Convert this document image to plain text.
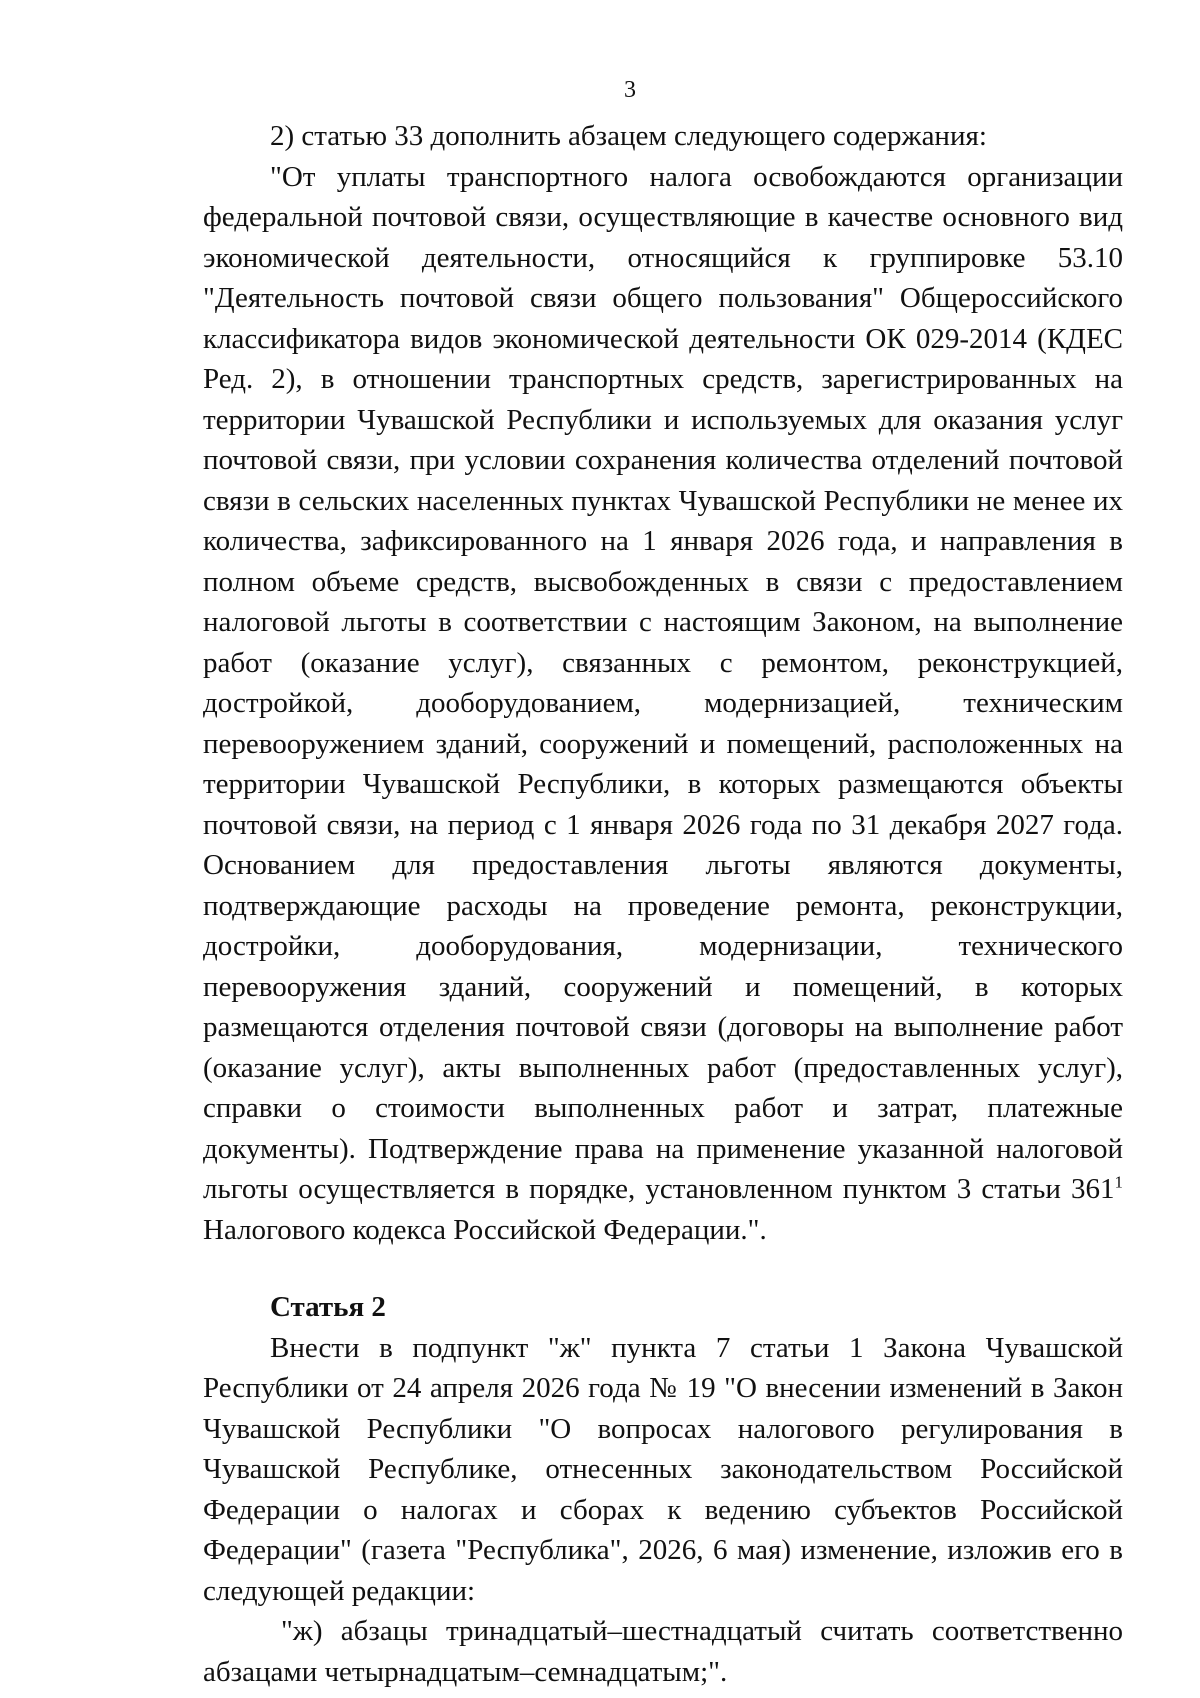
3

2) статью 33 дополнить абзацем следующего содержания:

"От уплаты транспортного налога освобождаются организации федеральной почтовой связи, осуществляющие в качестве основного вид экономической деятельности, относящийся к группировке 53.10 "Деятельность почтовой связи общего пользования" Общероссийского классификатора видов экономической деятельности ОК 029-2014 (КДЕС Ред. 2), в отношении транспортных средств, зарегистрированных на территории Чувашской Республики и используемых для оказания услуг почтовой связи, при условии сохранения количества отделений почтовой связи в сельских населенных пунктах Чувашской Республики не менее их количества, зафиксированного на 1 января 2026 года, и направления в полном объеме средств, высвобожденных в связи с предоставлением налоговой льготы в соответствии с настоящим Законом, на выполнение работ (оказание услуг), связанных с ремонтом, реконструкцией, достройкой, дооборудованием, модернизацией, техническим перевооружением зданий, сооружений и помещений, расположенных на территории Чувашской Республики, в которых размещаются объекты почтовой связи, на период с 1 января 2026 года по 31 декабря 2027 года. Основанием для предоставления льготы являются документы, подтверждающие расходы на проведение ремонта, реконструкции, достройки, дооборудования, модернизации, технического перевооружения зданий, сооружений и помещений, в которых размещаются отделения почтовой связи (договоры на выполнение работ (оказание услуг), акты выполненных работ (предоставленных услуг), справки о стоимости выполненных работ и затрат, платежные документы). Подтверждение права на применение указанной налоговой льготы осуществляется в порядке, установленном пунктом 3 статьи $361^1$ Налогового кодекса Российской Федерации.".

Статья 2

Внести в подпункт "ж" пункта 7 статьи 1 Закона Чувашской Республики от 24 апреля 2026 года № 19 "О внесении изменений в Закон Чувашской Республики "О вопросах налогового регулирования в Чувашской Республике, отнесенных законодательством Российской Федерации о налогах и сборах к ведению субъектов Российской Федерации" (газета "Республика", 2026, 6 мая) изменение, изложив его в следующей редакции:

"ж) абзацы тринадцатый–шестнадцатый считать соответственно абзацами четырнадцатым–семнадцатым;".
